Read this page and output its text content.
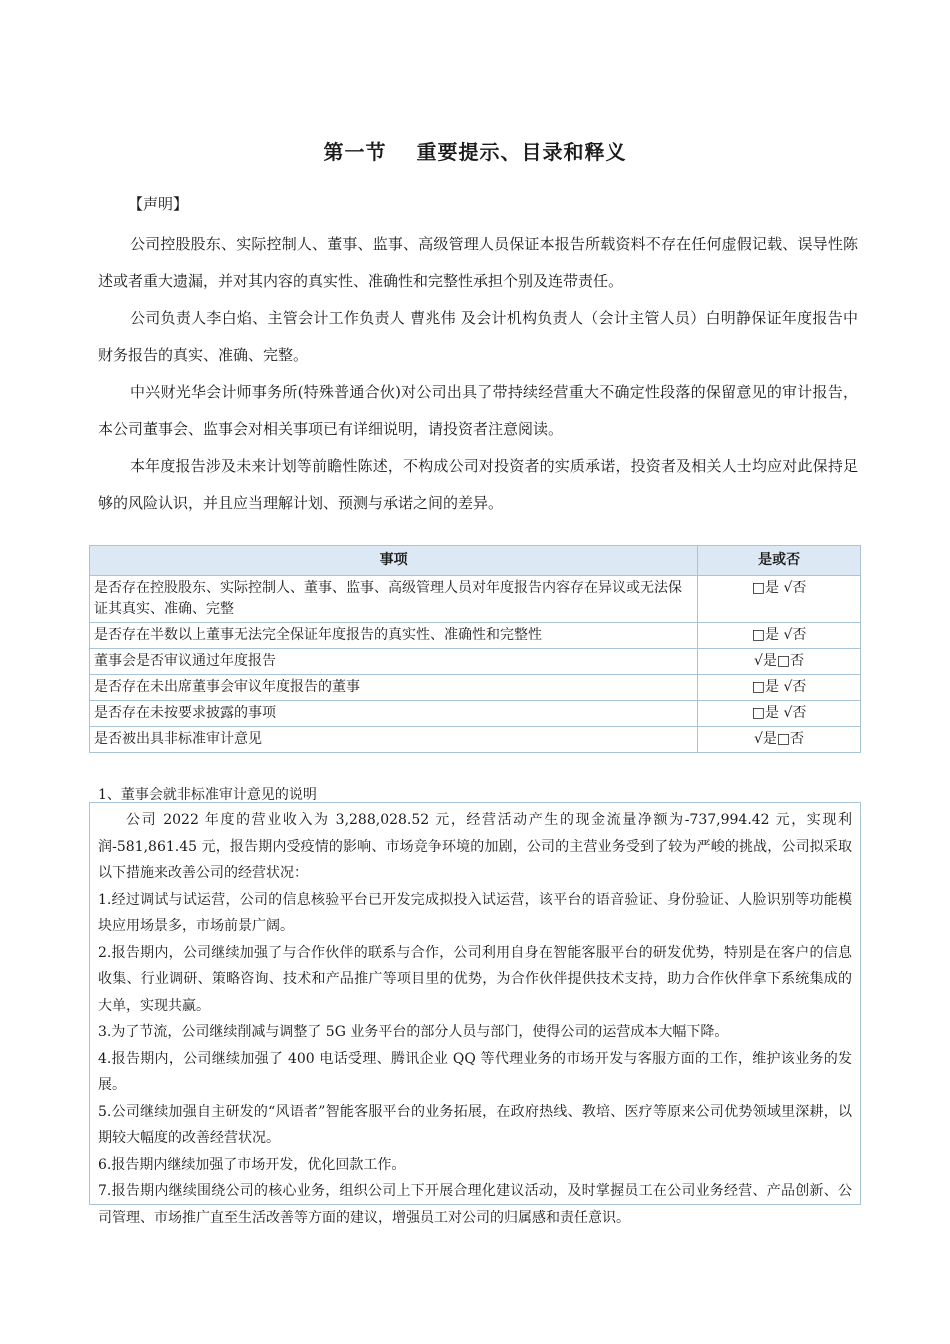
第一节 重要提示、目录和释义
【声明】
公司控股股东、实际控制人、董事、监事、高级管理人员保证本报告所载资料不存在任何虚假记载、误导性陈述或者重大遗漏，并对其内容的真实性、准确性和完整性承担个别及连带责任。
公司负责人李白焰、主管会计工作负责人 曹兆伟 及会计机构负责人（会计主管人员）白明静保证年度报告中财务报告的真实、准确、完整。
中兴财光华会计师事务所(特殊普通合伙)对公司出具了带持续经营重大不确定性段落的保留意见的审计报告，本公司董事会、监事会对相关事项已有详细说明，请投资者注意阅读。
本年度报告涉及未来计划等前瞻性陈述，不构成公司对投资者的实质承诺，投资者及相关人士均应对此保持足够的风险认识，并且应当理解计划、预测与承诺之间的差异。
事项	是或否
是否存在控股股东、实际控制人、董事、监事、高级管理人员对年度报告内容存在异议或无法保证其真实、准确、完整	□是 √否
是否存在半数以上董事无法完全保证年度报告的真实性、准确性和完整性	□是 √否
董事会是否审议通过年度报告	√是□否
是否存在未出席董事会审议年度报告的董事	□是 √否
是否存在未按要求披露的事项	□是 √否
是否被出具非标准审计意见	√是□否
1、董事会就非标准审计意见的说明

公司 2022 年度的营业收入为 3,288,028.52 元，经营活动产生的现金流量净额为-737,994.42 元，实现利润-581,861.45 元，报告期内受疫情的影响、市场竞争环境的加剧，公司的主营业务受到了较为严峻的挑战，公司拟采取以下措施来改善公司的经营状况：

1.经过调试与试运营，公司的信息核验平台已开发完成拟投入试运营，该平台的语音验证、身份验证、人脸识别等功能模块应用场景多，市场前景广阔。

2.报告期内，公司继续加强了与合作伙伴的联系与合作，公司利用自身在智能客服平台的研发优势，特别是在客户的信息收集、行业调研、策略咨询、技术和产品推广等项目里的优势，为合作伙伴提供技术支持，助力合作伙伴拿下系统集成的大单，实现共赢。

3.为了节流，公司继续削减与调整了 5G 业务平台的部分人员与部门，使得公司的运营成本大幅下降。

4.报告期内，公司继续加强了 400 电话受理、腾讯企业 QQ 等代理业务的市场开发与客服方面的工作，维护该业务的发展。

5.公司继续加强自主研发的“风语者”智能客服平台的业务拓展，在政府热线、教培、医疗等原来公司优势领域里深耕，以期较大幅度的改善经营状况。

6.报告期内继续加强了市场开发，优化回款工作。

7.报告期内继续围绕公司的核心业务，组织公司上下开展合理化建议活动，及时掌握员工在公司业务经营、产品创新、公司管理、市场推广直至生活改善等方面的建议，增强员工对公司的归属感和责任意识。
